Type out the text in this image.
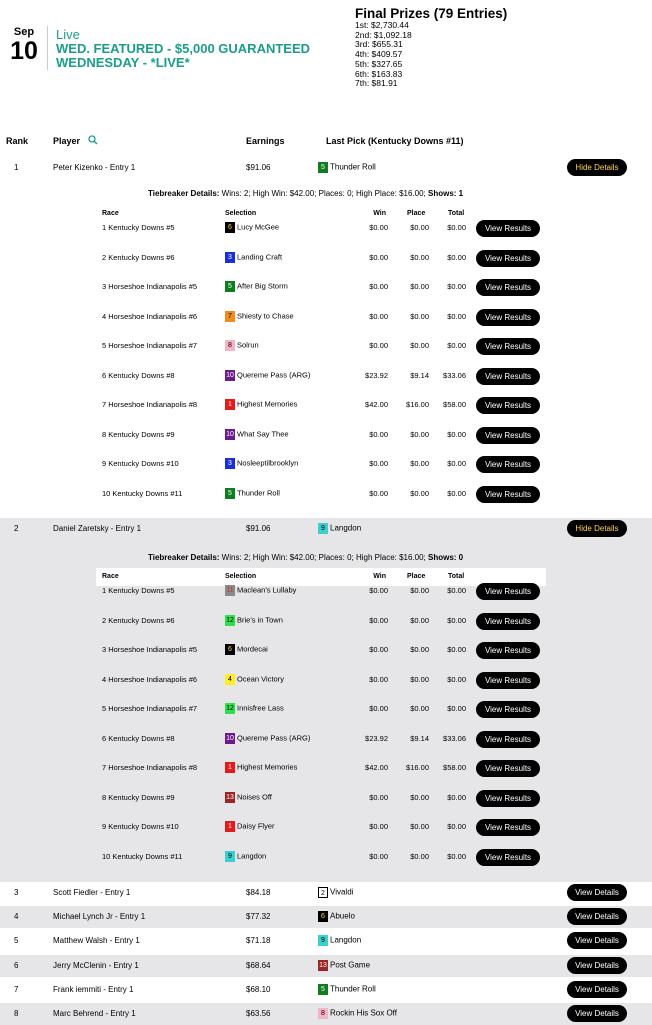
Sep
10
Live
WED. FEATURED - $5,000 GUARANTEED WEDNESDAY - *LIVE*
Final Prizes (79 Entries)
1st: $2,730.44
2nd: $1,092.18
3rd: $655.31
4th: $409.57
5th: $327.65
6th: $163.83
7th: $81.91
Rank	Player	Earnings	Last Pick (Kentucky Downs #11)
1	Peter Kizenko - Entry 1	$91.06	5 Thunder Roll	Hide Details
Tiebreaker Details: Wins: 2; High Win: $42.00; Places: 0; High Place: $16.00; Shows: 1
Race	Selection	Win	Place	Total
1 Kentucky Downs #5	6 Lucy McGee	$0.00	$0.00	$0.00	View Results
2 Kentucky Downs #6	3 Landing Craft	$0.00	$0.00	$0.00	View Results
3 Horseshoe Indianapolis #5	5 After Big Storm	$0.00	$0.00	$0.00	View Results
4 Horseshoe Indianapolis #6	7 Shiesty to Chase	$0.00	$0.00	$0.00	View Results
5 Horseshoe Indianapolis #7	8 Solrun	$0.00	$0.00	$0.00	View Results
6 Kentucky Downs #8	10 Quereme Pass (ARG)	$23.92	$9.14	$33.06	View Results
7 Horseshoe Indianapolis #8	1 Highest Memories	$42.00	$16.00	$58.00	View Results
8 Kentucky Downs #9	10 What Say Thee	$0.00	$0.00	$0.00	View Results
9 Kentucky Downs #10	3 Nosleeptilbrooklyn	$0.00	$0.00	$0.00	View Results
10 Kentucky Downs #11	5 Thunder Roll	$0.00	$0.00	$0.00	View Results
2	Daniel Zaretsky - Entry 1	$91.06	9 Langdon	Hide Details
Tiebreaker Details: Wins: 2; High Win: $42.00; Places: 0; High Place: $16.00; Shows: 0
Race	Selection	Win	Place	Total
1 Kentucky Downs #5	11 Maclean's Lullaby	$0.00	$0.00	$0.00	View Results
2 Kentucky Downs #6	12 Brie's in Town	$0.00	$0.00	$0.00	View Results
3 Horseshoe Indianapolis #5	6 Mordecai	$0.00	$0.00	$0.00	View Results
4 Horseshoe Indianapolis #6	4 Ocean Victory	$0.00	$0.00	$0.00	View Results
5 Horseshoe Indianapolis #7	12 Innisfree Lass	$0.00	$0.00	$0.00	View Results
6 Kentucky Downs #8	10 Quereme Pass (ARG)	$23.92	$9.14	$33.06	View Results
7 Horseshoe Indianapolis #8	1 Highest Memories	$42.00	$16.00	$58.00	View Results
8 Kentucky Downs #9	13 Noises Off	$0.00	$0.00	$0.00	View Results
9 Kentucky Downs #10	1 Daisy Flyer	$0.00	$0.00	$0.00	View Results
10 Kentucky Downs #11	9 Langdon	$0.00	$0.00	$0.00	View Results
3	Scott Fiedler - Entry 1	$84.18	2 Vivaldi	View Details
4	Michael Lynch Jr - Entry 1	$77.32	6 Abuelo	View Details
5	Matthew Walsh - Entry 1	$71.18	9 Langdon	View Details
6	Jerry McClenin - Entry 1	$68.64	13 Post Game	View Details
7	Frank iemmiti - Entry 1	$68.10	5 Thunder Roll	View Details
8	Marc Behrend - Entry 1	$63.56	8 Rockin His Sox Off	View Details
